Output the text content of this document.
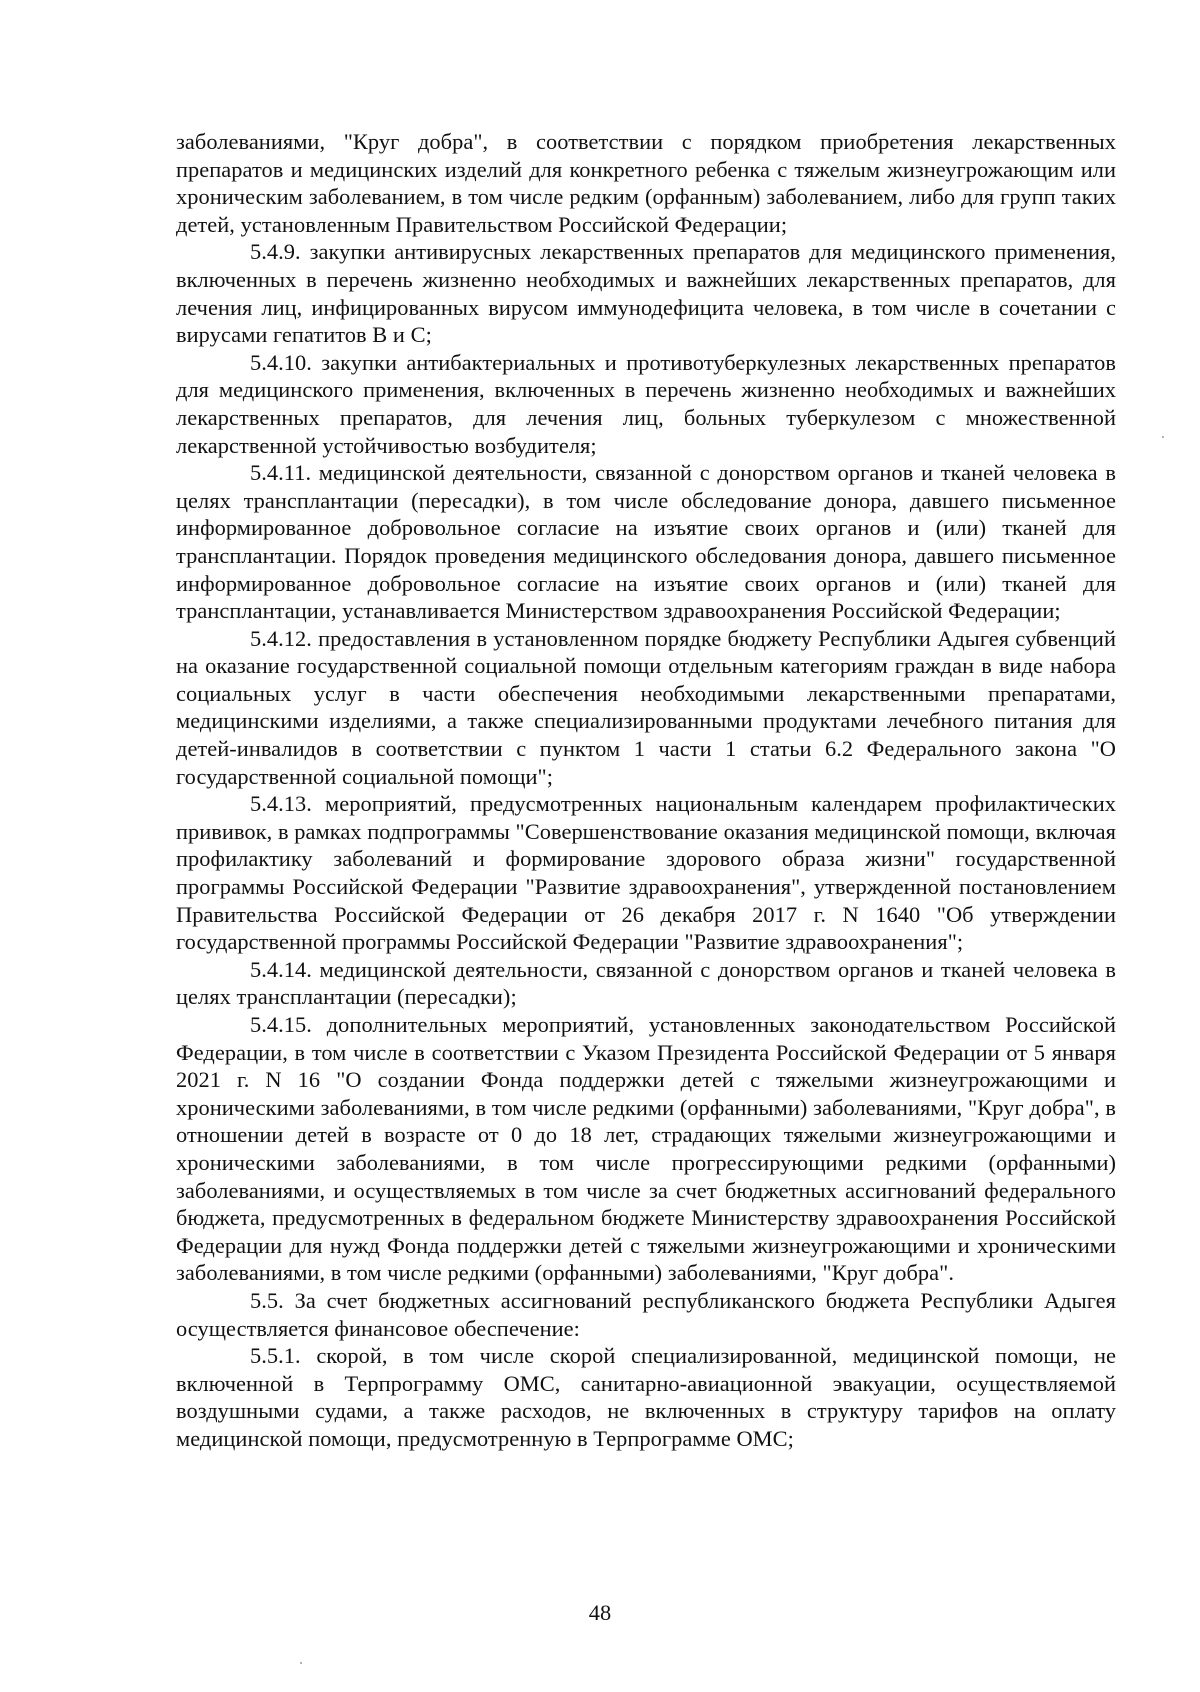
заболеваниями, "Круг добра", в соответствии с порядком приобретения лекарственных препаратов и медицинских изделий для конкретного ребенка с тяжелым жизнеугрожающим или хроническим заболеванием, в том числе редким (орфанным) заболеванием, либо для групп таких детей, установленным Правительством Российской Федерации;

5.4.9. закупки антивирусных лекарственных препаратов для медицинского применения, включенных в перечень жизненно необходимых и важнейших лекарственных препаратов, для лечения лиц, инфицированных вирусом иммунодефицита человека, в том числе в сочетании с вирусами гепатитов В и С;

5.4.10. закупки антибактериальных и противотуберкулезных лекарственных препаратов для медицинского применения, включенных в перечень жизненно необходимых и важнейших лекарственных препаратов, для лечения лиц, больных туберкулезом с множественной лекарственной устойчивостью возбудителя;

5.4.11. медицинской деятельности, связанной с донорством органов и тканей человека в целях трансплантации (пересадки), в том числе обследование донора, давшего письменное информированное добровольное согласие на изъятие своих органов и (или) тканей для трансплантации. Порядок проведения медицинского обследования донора, давшего письменное информированное добровольное согласие на изъятие своих органов и (или) тканей для трансплантации, устанавливается Министерством здравоохранения Российской Федерации;

5.4.12. предоставления в установленном порядке бюджету Республики Адыгея субвенций на оказание государственной социальной помощи отдельным категориям граждан в виде набора социальных услуг в части обеспечения необходимыми лекарственными препаратами, медицинскими изделиями, а также специализированными продуктами лечебного питания для детей-инвалидов в соответствии с пунктом 1 части 1 статьи 6.2 Федерального закона "О государственной социальной помощи";

5.4.13. мероприятий, предусмотренных национальным календарем профилактических прививок, в рамках подпрограммы "Совершенствование оказания медицинской помощи, включая профилактику заболеваний и формирование здорового образа жизни" государственной программы Российской Федерации "Развитие здравоохранения", утвержденной постановлением Правительства Российской Федерации от 26 декабря 2017 г. N 1640 "Об утверждении государственной программы Российской Федерации "Развитие здравоохранения";

5.4.14. медицинской деятельности, связанной с донорством органов и тканей человека в целях трансплантации (пересадки);

5.4.15. дополнительных мероприятий, установленных законодательством Российской Федерации, в том числе в соответствии с Указом Президента Российской Федерации от 5 января 2021 г. N 16 "О создании Фонда поддержки детей с тяжелыми жизнеугрожающими и хроническими заболеваниями, в том числе редкими (орфанными) заболеваниями, "Круг добра", в отношении детей в возрасте от 0 до 18 лет, страдающих тяжелыми жизнеугрожающими и хроническими заболеваниями, в том числе прогрессирующими редкими (орфанными) заболеваниями, и осуществляемых в том числе за счет бюджетных ассигнований федерального бюджета, предусмотренных в федеральном бюджете Министерству здравоохранения Российской Федерации для нужд Фонда поддержки детей с тяжелыми жизнеугрожающими и хроническими заболеваниями, в том числе редкими (орфанными) заболеваниями, "Круг добра".

5.5. За счет бюджетных ассигнований республиканского бюджета Республики Адыгея осуществляется финансовое обеспечение:

5.5.1. скорой, в том числе скорой специализированной, медицинской помощи, не включенной в Терпрограмму ОМС, санитарно-авиационной эвакуации, осуществляемой воздушными судами, а также расходов, не включенных в структуру тарифов на оплату медицинской помощи, предусмотренную в Терпрограмме ОМС;

48
